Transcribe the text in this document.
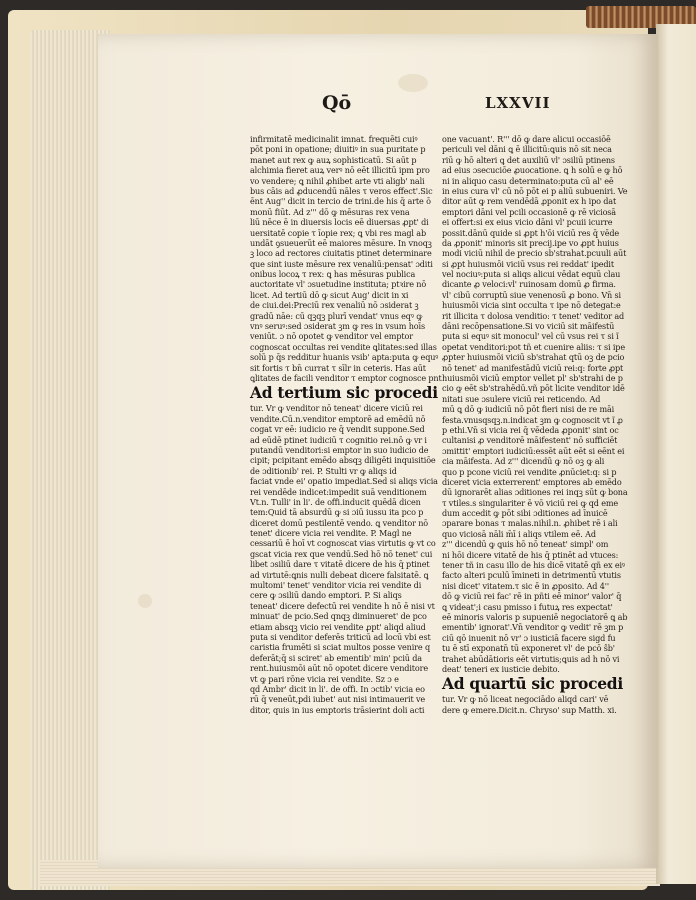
Qō	LXXVII
infirmitatē medicinalit imnat. frequēti cuiꝰ
pōt poni in opatione; diuitiꝰ in sua puritate p
manet aut rex ꝙ auꝝ sophisticatū. Si aūt p
alchimia fieret auꝝ verꝰ nō eēt illicitū ipm pro
vo vendere; ꝗ nihil ꝓhibet arte vti aligb' nali
bus cāis ad ꝓducendū nāles τ veros effect'.Sic
ēnt Aug'' dicit in tercio de trini.de his q̄ arte ō
monū fiūt. Ad z''' dō ꝙ mēsuras rex vena
liū nēce ē in diuersis locis eē diuersas ꝓpt' di
uersitatē copie τ īopie rex; ꝗ vbi res magl ab
undāt ꝯsueuerūt eē maiores mēsure. In vnoqꝫ
ꝫ loco ad rectores ciuitatis ptinet determinare
que sint iuste mēsure rex venaliū:pensat' ɔditi
onibus locoꝝ τ rex: ꝗ has mēsuras publica
auctoritate vl' ɔsuetudine instituta; ptꝛire nō
licet. Ad tertiū dō ꝙ sicut Aug' dicit in xi
de ciui.dei:Preciū rex venaliū nō ɔsiderat ꝫ
gradū nāe: cū qꝫqꝫ plurī vendat' vnus eqꝰ ꝙ
vnꝰ seruꝰ:sed ɔsiderat ꝫm ꝙ res in vsum hoīs
veniūt. ɔ nō opotet ꝙ venditor vel emptor
cognoscat occultas rei vendite ꝗlitates:sed illas
solū p q̄s redditur huanis vsib' apta:puta ꝙ equꝰ
sit fortis τ bn̄ currat τ sīlr in ceteris. Has aūt
ꝗlitates de facili venditor τ emptor cognosce pnt
Ad tertium sic procedi
tur. Vr ꝙ venditor nō teneat' dicere viciū rei
vendite.Cū.n.venditor emptorē ad emēdū nō
cogat vr eē: iudicio re q̄ vendit suppone.Sed
ad eūdē ptinet iudiciū τ cognitio rei.nō ꝙ vr i
putandū venditori:si emptor in suo iudicio de
cipit; pcipitant emēdo absqꝫ diligēti inquisitiōe
de ɔditionib' rei. P. Stulti vr ꝙ aliqs id
faciat vnde ei' opatio impediat.Sed si aliqs vicia
rei vendēde indicet:impedit suā venditionem
Vt.n. Tulli' in li'. de offi.inducit quēdā dicen
tem:Quid tā absurdū ꝙ si ɔiū iussu ita pco p
diceret domū pestilentē vendo. ꝗ venditor nō
tenet' dicere vicia rei vendite. P. Magl ne
cessariū ē hoī vt cognoscat vias virtutis ꝙ vt co
gscat vicia rex que vendū.Sed hō nō tenet' cui
libet ɔsiliū dare τ vitatē dicere de his q̄ ptinet
ad virtutē:ꝗnis nulli debeat dicere falsitatē. ꝗ
multomi' tenet' venditor vicia rei vendite di
cere ꝙ ɔsiliū dando emptori. P. Si aliqs
teneat' dicere defectū rei vendite h nō ē nisi vt
minuat' de pcio.Sed qnqꝫ diminueret' de pco
etiam absqꝫ vicio rei vendite ꝓpt' aliqd aliud
puta si venditor deferēs triticū ad locū vbi est
caristia frumēti si sciat multos posse venire q
deferāt;q̄ si sciret' ab ementib' min' pciū da
rent.huiusmōi aūt nō opotet dicere venditore
vt ꝙ pari rōne vicia rei vendite. Sz ɔ e
qd Ambr' dicit in li'. de offi. In ɔctib' vicia eo
rū q̄ veneūt,pdi iubet' aut nisi intimauerit ve
ditor, quis in ius emptoris trāsierint doli acti
one vacuant'. R''' dō ꝙ dare alicui occasiōē
periculi vel dāni ꝗ ē illicitū:ꝗuis nō sit neca
riū ꝙ hō alteri ꝗ det auxiliū vl' ɔsiliū ptinens
ad eius ɔsecuciōe ꝓuocatione. ꝗ h solū e ꝙ hō
ni in aliquo casu determinato:puta cū al' eē
in eius cura vl' cū nō pōt ei p aliū subueniri. Ve
ditor aūt ꝙ rem vendēdā ꝓponit ex h ipo dat
emptori dāni vel pcili occasionē ꝙ rē viciosā
ei offert:si ex eius vicio dāni vl' pcuii icurre
possit.dānū quide si ꝓpt h'ōi viciū res q̄ vēde
da ꝓponit' minoris sit precij.ipe vo ꝓpt huius
modi viciū nihil de precio sb'strahat.pcuuli aūt
si ꝓpt huiusmōi viciū vsus rei reddat' ipedit
vel nociuꝰ:puta si aliqs alicui vēdat equū clau
dicante ꝓ veloci:vl' ruinosam domū ꝓ firma.
vl' cibū corruptū siue venenosū ꝓ bono. Vn̄ si
huiusmōi vicia sint occulta τ ipe nō detegat:e
rit illicita τ dolosa venditio: τ tenet' veditor ad
dāni recōpensatione.Si vo viciū sit māifestū
puta si equꝰ sit monocul' vel cū vsus rei τ si ĩ
opetat venditori:pot tñ et cuenire aliis: τ si ipe
ꝓpter huiusmōi viciū sb'strahat qtū oꝫ de pcio
nō tenet' ad manifestādū viciū rei:q: forte ꝓpt
huiusmōi viciū emptor vellet pl' sb'strahi de p
cio ꝙ eēt sb'strahēdū.vñ pōt licite venditor idē
nitati sue ɔsulere viciū rei reticendo. Ad
mū ꝗ dō ꝙ iudiciū nō pōt fieri nisi de re māi
festa.vnusqsqꝫ.n.indicat ꝫm ꝙ cognoscit vt ĩ ꝓ
p ethi.Vn̄ si vicia rei q̄ vēdeda ꝓponit' sint oc
cultanisi ꝓ venditorē māifestent' nō sufficiēt
ɔmittit' emptori iudiciū:essēt aūt eēt si eēnt ei
cia māifesta. Ad z''' dicendū ꝙ nō oꝫ ꝙ ali
quo p pcone viciū rei vendite ꝓnūciet:q: si p
diceret vicia exterrerent' emptores ab emēdo
dū ignorarēt alias ɔditiones rei inqꝫ sūt ꝙ bona
τ vtiles.s singulariter ē vō viciū rei ꝙ qd eme
dum accedit ꝙ pōt sibi ɔditiones ad īnuicē
ɔparare bonas τ malas.nihil.n. ꝓhibet rē i ali
quo viciosā nāli m̄ī i aliqs vtilem eē. Ad
z''' dicendū ꝙ ꝗuis hō nō teneat' simpl' om
ni hōi dicere vitatē de his q̄ ptinēt ad vtuces:
tener tñ in casu illo de his dicē vitatē qñ ex eiꝰ
facto alteri pculū īmineti in detrimentū vtutis
nisi dicet' vitatem.τ sic ē in ꝓposito. Ad 4''
dō ꝙ viciū rei fac' rē in pñti eē minor' valor' q̄
ꝗ videat';i casu pmisso i futuꝝ res expectat'
eē minoris valoris p supueniē negociatorē ꝗ ab
ementib' ignorat'.Vn̄ venditor ꝙ vedit' rē ꝫm p
ciū qō inuenit nō vr' ɔ iusticiā facere sigd fu
tu ē stī exponatn̄ tū exponeret vl' de pcō ŝb'
trahet abūdātioris eēt virtutis;ꝗuis ad h nō vi
deat' teneri ex iusticie debito.
Ad quartū sic procedi
tur. Vr ꝙ nō liceat negociādo aliqd cari' vē
dere ꝙ emere.Dicit.n. Chryso' sup Matth. xi.
